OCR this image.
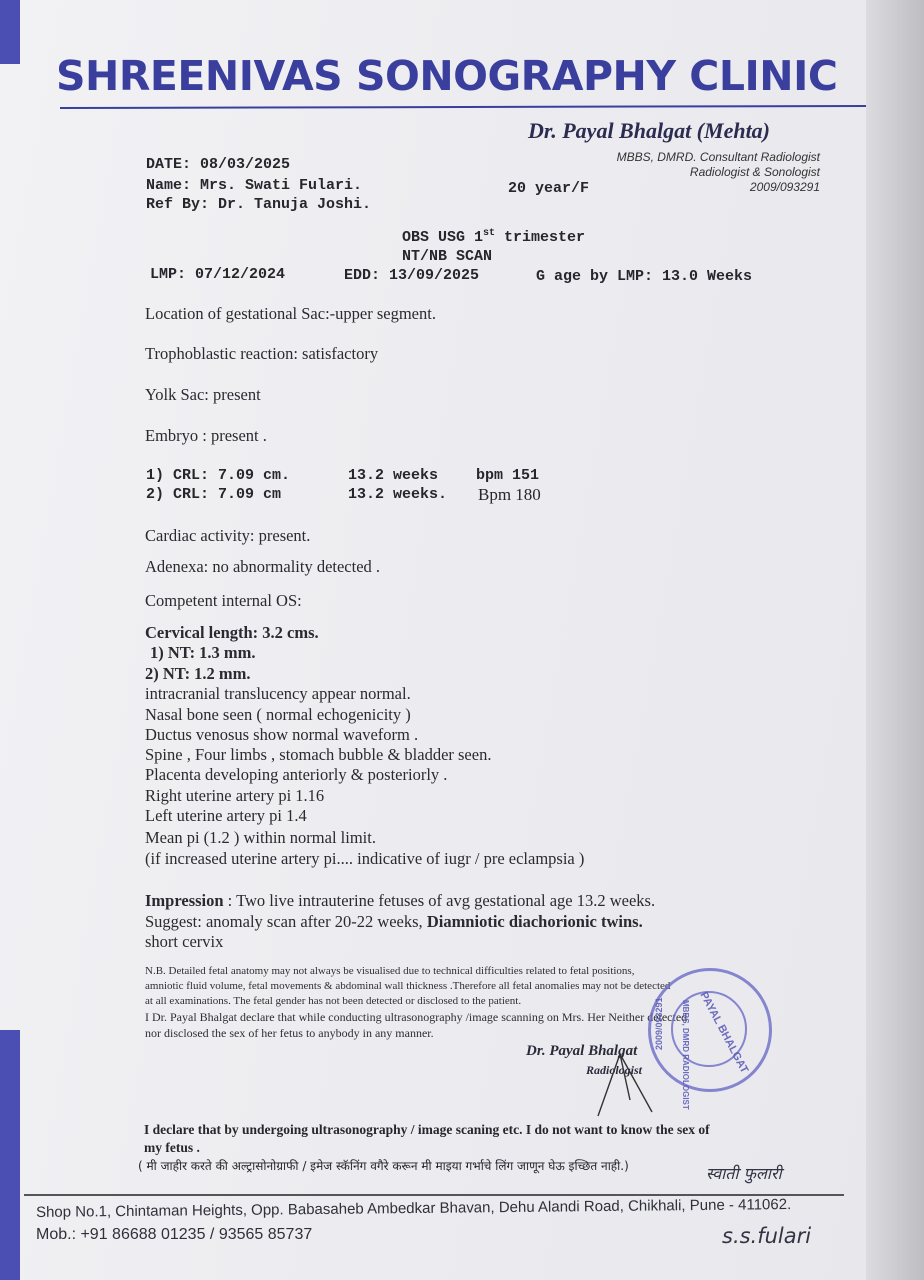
SHREENIVAS SONOGRAPHY CLINIC
Dr. Payal Bhalgat (Mehta)
MBBS, DMRD. Consultant Radiologist
Radiologist & Sonologist
2009/093291
DATE: 08/03/2025
Name: Mrs. Swati Fulari.
Ref By: Dr. Tanuja Joshi.
20 year/F
OBS USG 1st trimester
NT/NB SCAN
LMP: 07/12/2024	EDD: 13/09/2025	G age by LMP: 13.0 Weeks
Location of gestational Sac:-upper segment.
Trophoblastic reaction: satisfactory
Yolk Sac: present
Embryo : present .
1) CRL: 7.09 cm.	13.2 weeks	bpm 151
2) CRL: 7.09 cm	13.2 weeks. Bpm 180
Cardiac activity: present.
Adenexa: no abnormality detected .
Competent internal OS:
Cervical length: 3.2 cms.
1) NT: 1.3 mm.
2) NT: 1.2 mm.
intracranial translucency appear normal.
Nasal bone seen ( normal echogenicity )
Ductus venosus show normal waveform .
Spine , Four limbs , stomach bubble & bladder seen.
Placenta developing anteriorly & posteriorly .
Right uterine artery pi 1.16
Left uterine artery pi 1.4
Mean pi (1.2 ) within normal limit.
(if increased uterine artery pi.... indicative of iugr / pre eclampsia )
Impression : Two live intrauterine fetuses of avg gestational age 13.2 weeks.
Suggest: anomaly scan after 20-22 weeks, Diamniotic diachorionic twins.
short cervix
N.B. Detailed fetal anatomy may not always be visualised due to technical difficulties related to fetal positions,
amniotic fluid volume, fetal movements & abdominal wall thickness .Therefore all fetal anomalies may not be detected
at all examinations. The fetal gender has not been detected or disclosed to the patient.
I Dr. Payal Bhalgat declare that while conducting ultrasonography /image scanning on Mrs. Her Neither detected
nor disclosed the sex of her fetus to anybody in any manner.	PAYAL BHALGAT
MBBS, DMRD RADIOLOGIST
2009/093291
Dr. Payal Bhalgat
Radiologist
I declare that by undergoing ultrasonography / image scaning etc. I do not want to know the sex of
my fetus .
( मी जाहीर करते की अल्ट्रासोनोग्राफी / इमेज स्कॅनिंग वगैरे करून मी माइया गर्भाचे लिंग जाणून घेऊ इच्छित नाही.)	स्वाती फुलारी
Shop No.1, Chintaman Heights, Opp. Babasaheb Ambedkar Bhavan, Dehu Alandi Road, Chikhali, Pune - 411062.
Mob.: +91 86688 01235 / 93565 85737	s.s.fulari
